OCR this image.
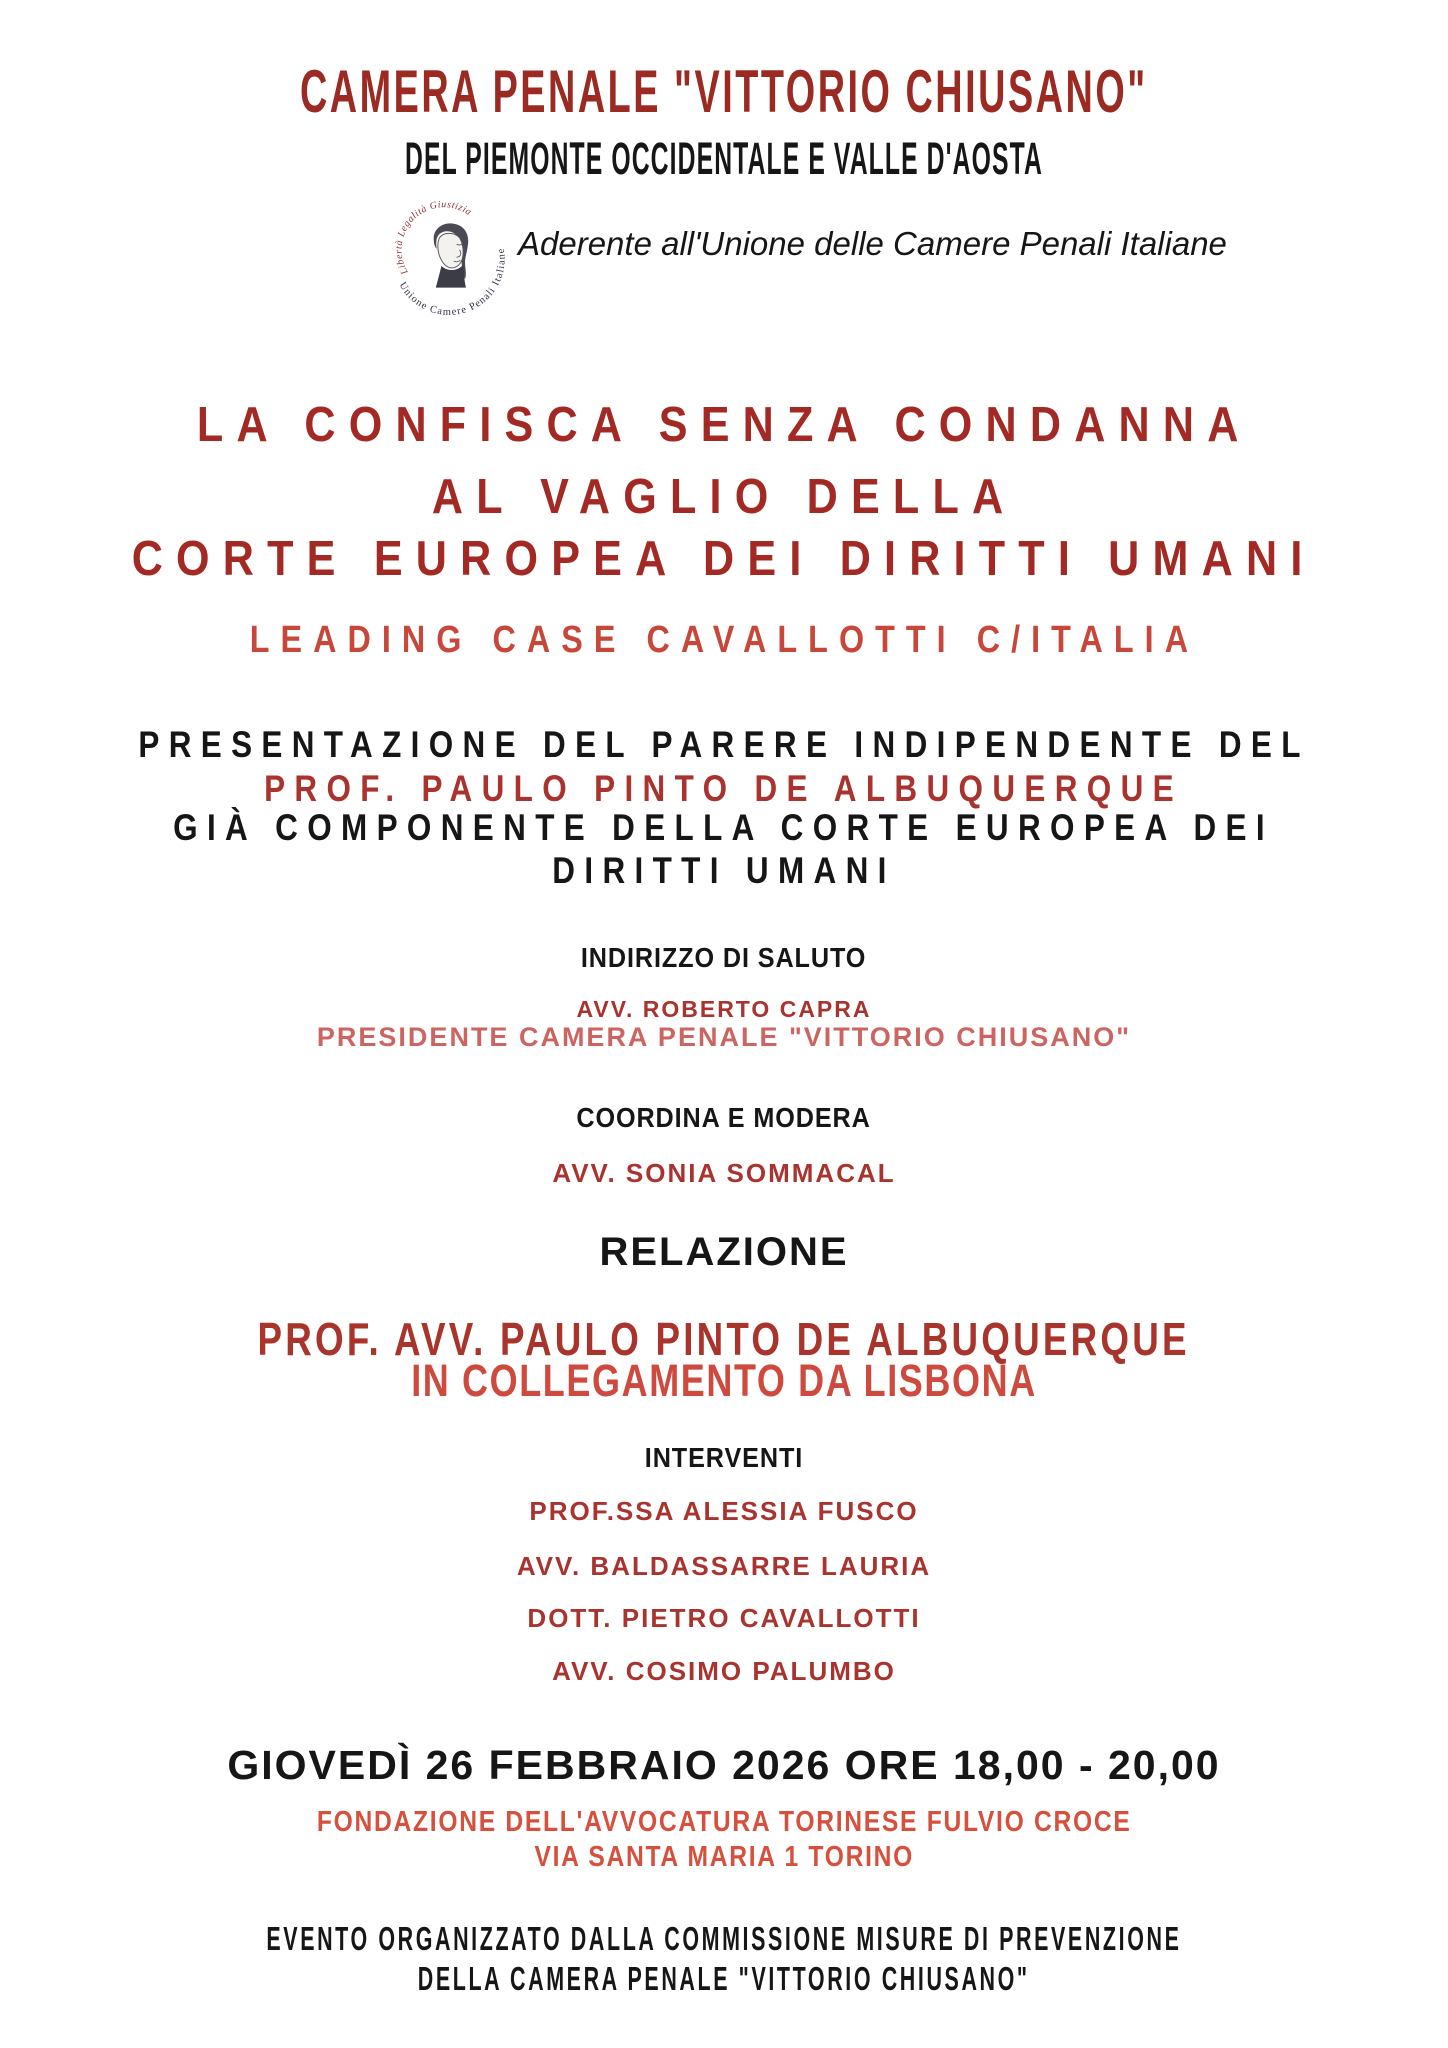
CAMERA PENALE "VITTORIO CHIUSANO"
DEL PIEMONTE OCCIDENTALE E VALLE D'AOSTA
Libertà Legalità Giustizia
Unione Camere Penali Italiane Aderente all'Unione delle Camere Penali Italiane
LA CONFISCA SENZA CONDANNA
AL VAGLIO DELLA
CORTE EUROPEA DEI DIRITTI UMANI
LEADING CASE CAVALLOTTI C/ITALIA
PRESENTAZIONE DEL PARERE INDIPENDENTE DEL
PROF. PAULO PINTO DE ALBUQUERQUE
GIÀ COMPONENTE DELLA CORTE EUROPEA DEI
DIRITTI UMANI
INDIRIZZO DI SALUTO
AVV. ROBERTO CAPRA
PRESIDENTE CAMERA PENALE "VITTORIO CHIUSANO"
COORDINA E MODERA
AVV. SONIA SOMMACAL
RELAZIONE
PROF. AVV. PAULO PINTO DE ALBUQUERQUE
IN COLLEGAMENTO DA LISBONA
INTERVENTI
PROF.SSA ALESSIA FUSCO
AVV. BALDASSARRE LAURIA
DOTT. PIETRO CAVALLOTTI
AVV. COSIMO PALUMBO
GIOVEDÌ 26 FEBBRAIO 2026 ORE 18,00 - 20,00
FONDAZIONE DELL'AVVOCATURA TORINESE FULVIO CROCE
VIA SANTA MARIA 1 TORINO
EVENTO ORGANIZZATO DALLA COMMISSIONE MISURE DI PREVENZIONE
DELLA CAMERA PENALE "VITTORIO CHIUSANO"
